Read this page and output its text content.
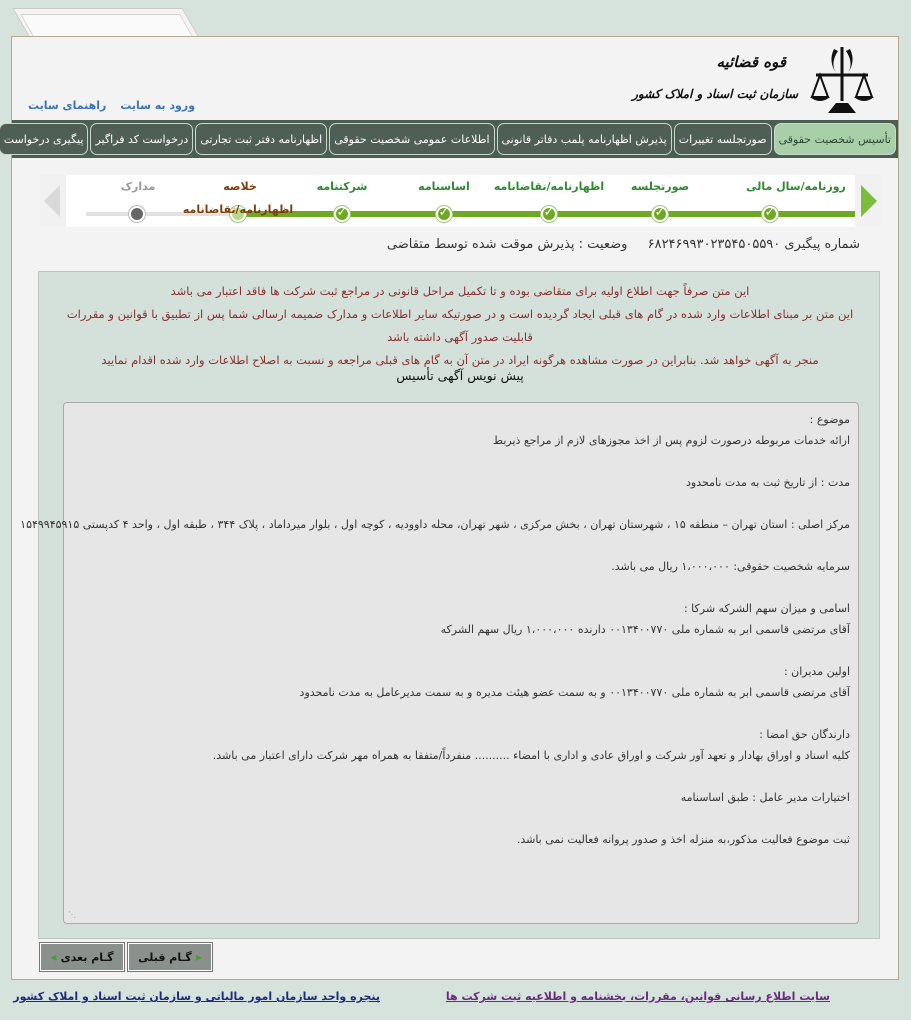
قوه قضائیه
سازمان ثبت اسناد و املاک کشور
ورود به سایت راهنمای سایت
تأسیس شخصیت حقوقی
صورتجلسه تغییرات
پذیرش اظهارنامه پلمب دفاتر قانونی
اطلاعات عمومی شخصیت حقوقی
اظهارنامه دفتر ثبت تجارتی
درخواست کد فراگیر
پیگیری درخواست
روزنامه/سال مالی
✓
صورتجلسه
✓
اظهارنامه/تقاضانامه
✓
اساسنامه
✓
شرکتنامه
✓
خلاصه
اظهارنامه/تقاضانامه
مدارک
شماره پیگیری ۶۸۲۴۶۹۹۳۰۲۳۵۴۵۰۵۵۹۰ وضعیت : پذیرش موقت شده توسط متقاضی
این متن صرفاً جهت اطلاع اولیه برای متقاضی بوده و تا تکمیل مراحل قانونی در مراجع ثبت شرکت ها فاقد اعتبار می باشد
این متن بر مبنای اطلاعات وارد شده در گام های قبلی ایجاد گردیده است و در صورتیکه سایر اطلاعات و مدارک ضمیمه ارسالی شما پس از تطبیق با قوانین و مقررات قابلیت صدور آگهی داشته باشد
منجر به آگهی خواهد شد. بنابراین در صورت مشاهده هرگونه ایراد در متن آن به گام های قبلی مراجعه و نسبت به اصلاح اطلاعات وارد شده اقدام نمایید
پیش نویس آگهی تأسیس

موضوع :

ارائه خدمات مربوطه درصورت لزوم پس از اخذ مجوزهای لازم از مراجع ذیربط

مدت : از تاریخ ثبت به مدت نامحدود

مرکز اصلی : استان تهران – منطقه ۱۵ ، شهرستان تهران ، بخش مرکزی ، شهر تهران، محله داوودیه ، کوچه اول ، بلوار میرداماد ، پلاک ۳۴۴ ، طبقه اول ، واحد ۴ کدپستی ۱۵۴۹۹۴۵۹۱۵

سرمایه شخصیت حقوقی: ۱،۰۰۰،۰۰۰ ریال می باشد.

اسامی و میزان سهم الشرکه شرکا :

آقای مرتضی قاسمی ابر به شماره ملی ۰۰۱۳۴۰۰۷۷۰ دارنده ۱،۰۰۰،۰۰۰ ریال سهم الشرکه

اولین مدیران :

آقای مرتضی قاسمی ابر به شماره ملی ۰۰۱۳۴۰۰۷۷۰ و به سمت عضو هیئت مدیره و به سمت مدیرعامل به مدت نامحدود

دارندگان حق امضا :

کلیه اسناد و اوراق بهادار و تعهد آور شرکت و اوراق عادی و اداری با امضاء .......... منفرداً/متفقا به همراه مهر شرکت دارای اعتبار می باشد.

اختیارات مدیر عامل : طبق اساسنامه

ثبت موضوع فعالیت مذکور،به منزله اخذ و صدور پروانه فعالیت نمی باشد.

⋰
گـام بعدی
◂	▸
گـام قبلی
سایت اطلاع رسانی قوانین، مقررات، بخشنامه و اطلاعیه ثبت شرکت ها
پنجره واحد سازمان امور مالیاتی و سازمان ثبت اسناد و املاک کشور
